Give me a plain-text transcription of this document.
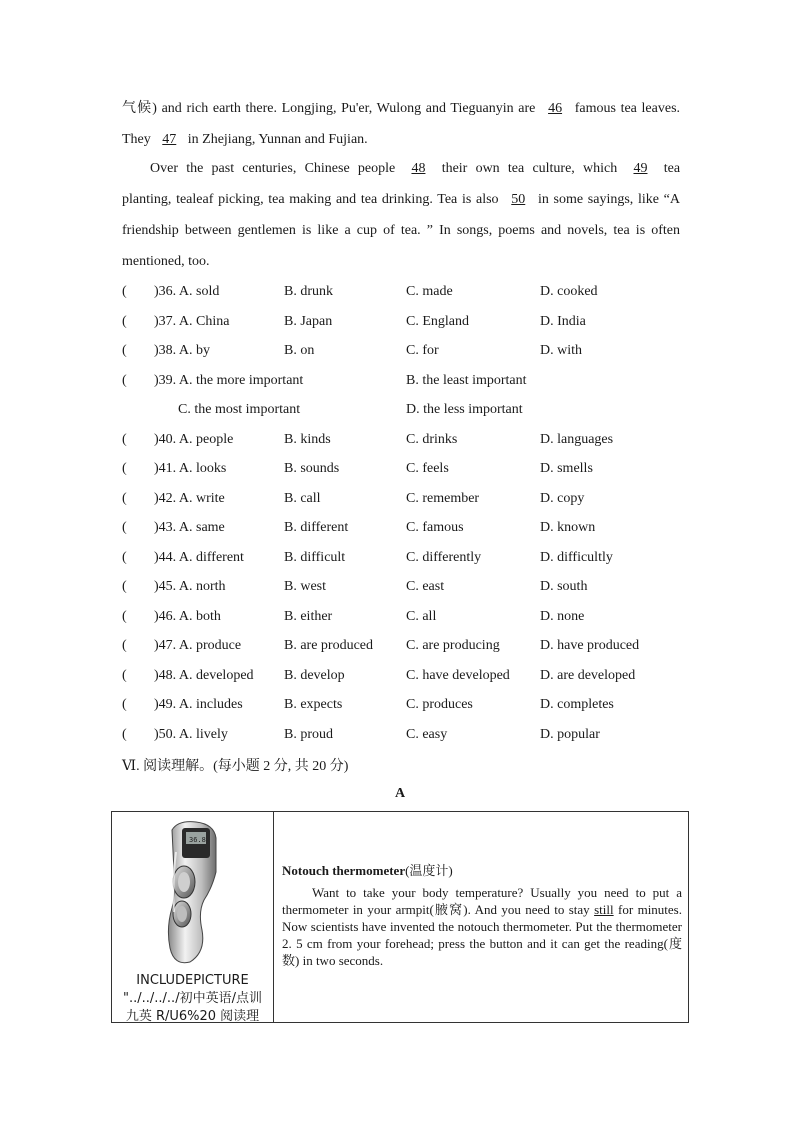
气候) and rich earth there. Longjing, Pu'er, Wulong and Tieguanyin are 46 famous tea leaves.
They 47 in Zhejiang, Yunnan and Fujian.
Over the past centuries, Chinese people 48 their own tea culture, which 49 tea
planting, tealeaf picking, tea making and tea drinking. Tea is also 50 in some sayings, like “A
friendship between gentlemen is like a cup of tea. ” In songs, poems and novels, tea is often
mentioned, too.
( )36. A. sold	B. drunk	C. made	D. cooked
( )37. A. China	B. Japan	C. England	D. India
( )38. A. by	B. on	C. for	D. with
( )39. A. the more important	B. the least important
C. the most important	D. the less important
( )40. A. people	B. kinds	C. drinks	D. languages
( )41. A. looks	B. sounds	C. feels	D. smells
( )42. A. write	B. call	C. remember	D. copy
( )43. A. same	B. different	C. famous	D. known
( )44. A. different	B. difficult	C. differently	D. difficultly
( )45. A. north	B. west	C. east	D. south
( )46. A. both	B. either	C. all	D. none
( )47. A. produce	B. are produced C. are producing	D. have produced
( )48. A. developed B. develop	C. have developed D. are developed
( )49. A. includes	B. expects	C. produces	D. completes
( )50. A. lively	B. proud	C. easy	D. popular
Ⅵ. 阅读理解。(每小题 2 分, 共 20 分)
A
36.8
INCLUDEPICTURE
"../../../../初中英语/点训
九英 R/U6%20 阅读理
Notouch thermometer(温度计)
Want to take your body temperature? Usually you need to put a thermometer in your armpit(腋窝). And you need to stay still for minutes. Now scientists have invented the notouch thermometer. Put the thermometer 2. 5 cm from your forehead; press the button and it can get the reading(度数) in two seconds.
